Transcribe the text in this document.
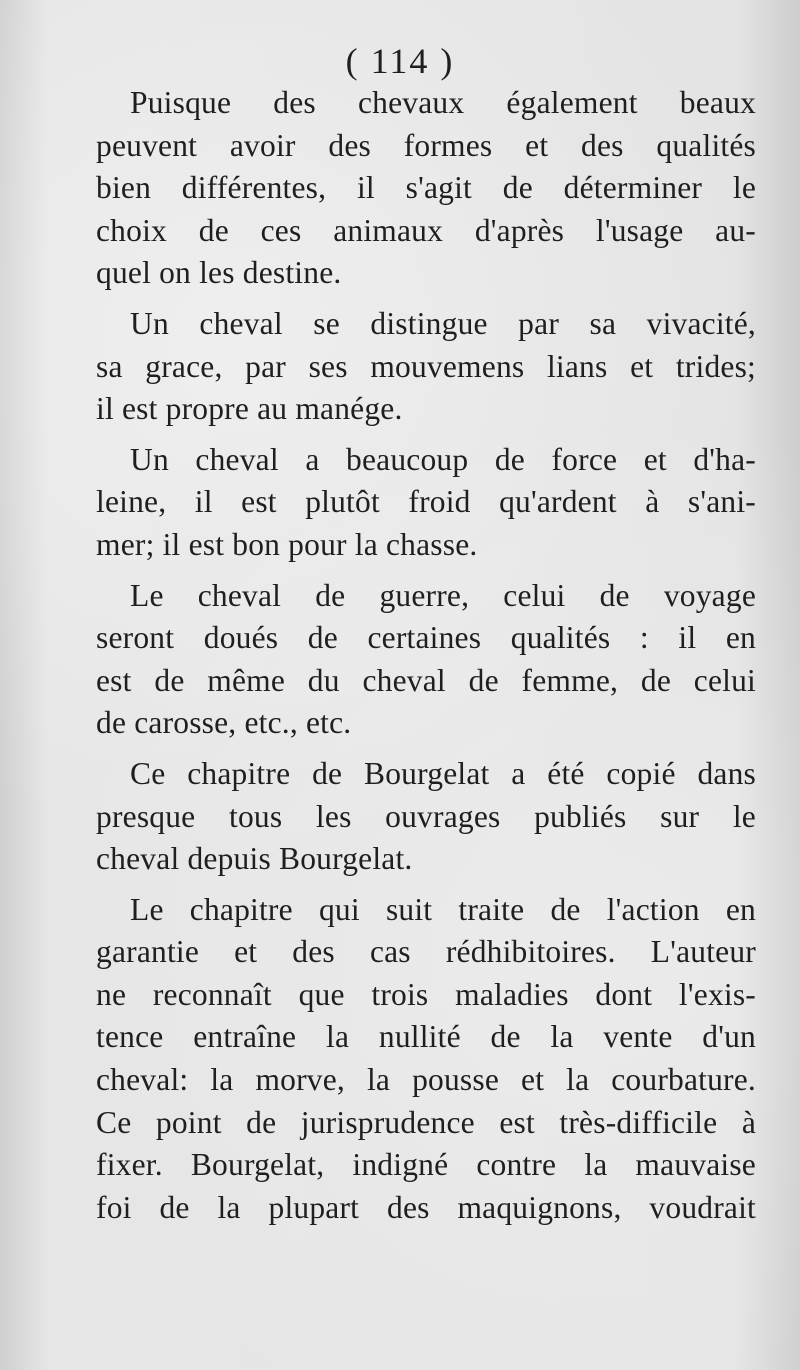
( 114 )
Puisque des chevaux également beaux
peuvent avoir des formes et des qualités
bien différentes, il s'agit de déterminer le
choix de ces animaux d'après l'usage au-
quel on les destine.
Un cheval se distingue par sa vivacité,
sa grace, par ses mouvemens lians et trides;
il est propre au manége.
Un cheval a beaucoup de force et d'ha-
leine, il est plutôt froid qu'ardent à s'ani-
mer; il est bon pour la chasse.
Le cheval de guerre, celui de voyage
seront doués de certaines qualités : il en
est de même du cheval de femme, de celui
de carosse, etc., etc.
Ce chapitre de Bourgelat a été copié dans
presque tous les ouvrages publiés sur le
cheval depuis Bourgelat.
Le chapitre qui suit traite de l'action en
garantie et des cas rédhibitoires. L'auteur
ne reconnaît que trois maladies dont l'exis-
tence entraîne la nullité de la vente d'un
cheval: la morve, la pousse et la courbature.
Ce point de jurisprudence est très-difficile à
fixer. Bourgelat, indigné contre la mauvaise
foi de la plupart des maquignons, voudrait
